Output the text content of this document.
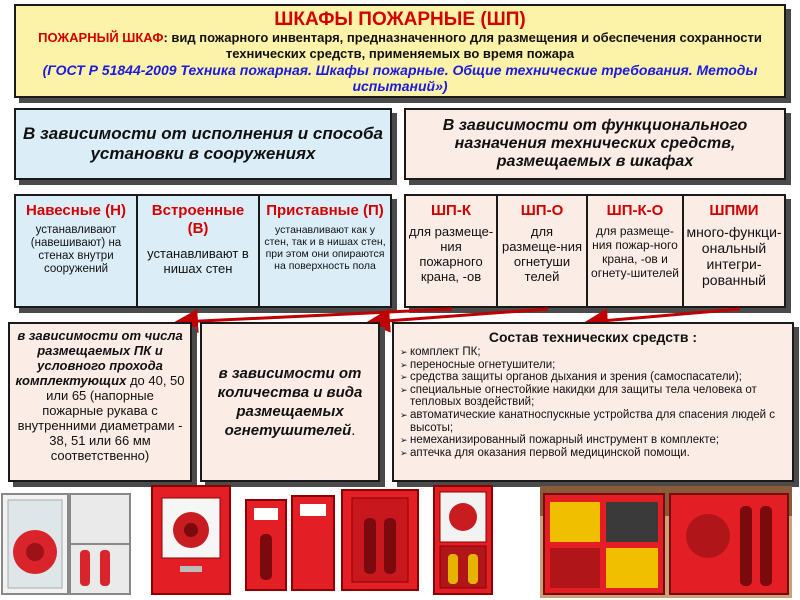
ШКАФЫ ПОЖАРНЫЕ (ШП)
ПОЖАРНЫЙ ШКАФ: вид пожарного инвентаря, предназначенного для размещения и обеспечения сохранности технических средств, применяемых во время пожара
(ГОСТ Р 51844-2009 Техника пожарная. Шкафы пожарные. Общие технические требования. Методы испытаний»)
В зависимости от исполнения и способа установки в сооружениях
В зависимости от функционального назначения технических средств, размещаемых в шкафах
Навесные (Н)
устанавливают (навешивают) на стенах внутри сооружений
Встроенные (В)
устанавливают в нишах стен
Приставные (П)
устанавливают как у стен, так и в нишах стен, при этом они опираются на поверхность пола
ШП-К
для размеще-ния пожарного крана, -ов
ШП-О
для размеще-ния огнетуши телей
ШП-К-О
для размеще-ния пожар-ного крана, -ов и огнету-шителей
ШПМИ
много-функци-ональный интегри-рованный
в зависимости от числа размещаемых ПК и условного прохода комплектующих до 40, 50 или 65 (напорные пожарные рукава с внутренними диаметрами - 38, 51 или 66 мм соответственно)
в зависимости от количества и вида размещаемых огнетушителей.
Состав технических средств :
➢ комплект ПК;
➢ переносные огнетушители;
➢ средства защиты органов дыхания и зрения (самоспасатели);
➢ специальные огнестойкие накидки для защиты тела человека от тепловых воздействий;
➢ автоматические канатноспускные устройства для спасения людей с высоты;
➢ немеханизированный пожарный инструмент в комплекте;
➢ аптечка для оказания первой медицинской помощи.
